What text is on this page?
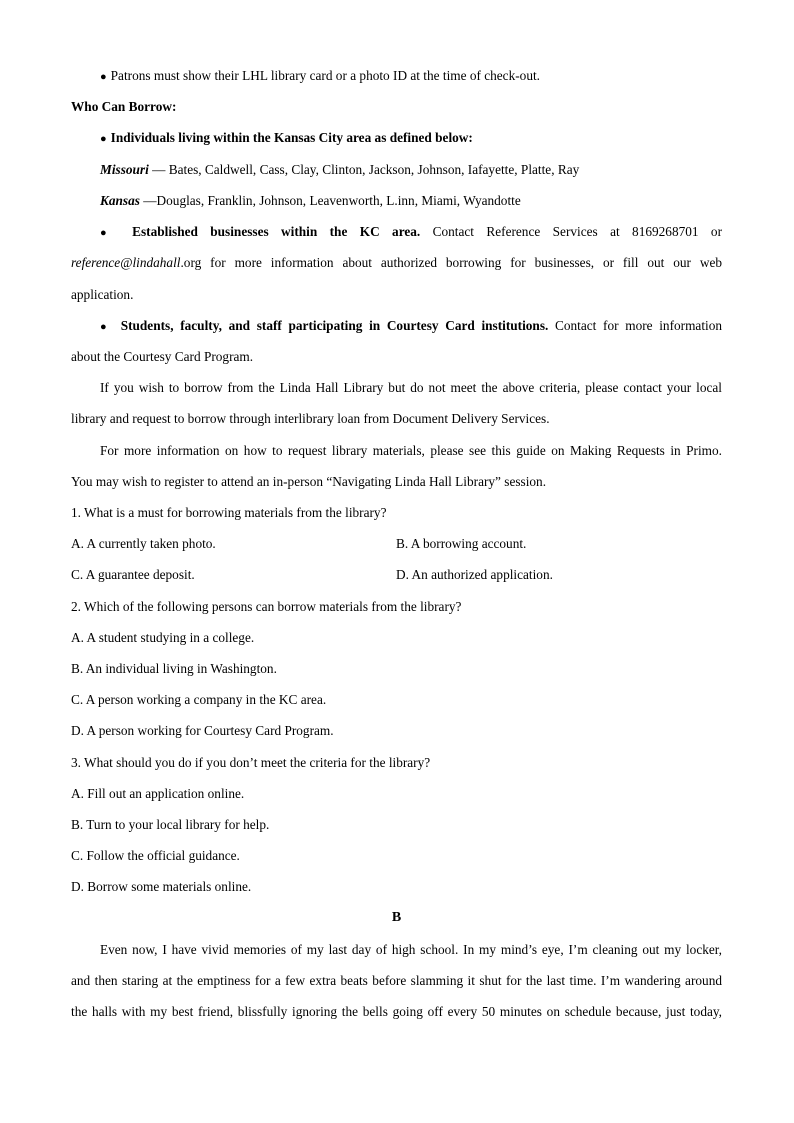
● Patrons must show their LHL library card or a photo ID at the time of check-out.
Who Can Borrow:
● Individuals living within the Kansas City area as defined below:
Missouri — Bates, Caldwell, Cass, Clay, Clinton, Jackson, Johnson, Iafayette, Platte, Ray
Kansas —Douglas, Franklin, Johnson, Leavenworth, L.inn, Miami, Wyandotte
● Established businesses within the KC area. Contact Reference Services at 8169268701 or
reference@lindahall.org for more information about authorized borrowing for businesses, or fill out our web
application.
● Students, faculty, and staff participating in Courtesy Card institutions. Contact for more information
about the Courtesy Card Program.
If you wish to borrow from the Linda Hall Library but do not meet the above criteria, please contact your local
library and request to borrow through interlibrary loan from Document Delivery Services.
For more information on how to request library materials, please see this guide on Making Requests in Primo.
You may wish to register to attend an in-person “Navigating Linda Hall Library” session.
1. What is a must for borrowing materials from the library?
A. A currently taken photo.	B. A borrowing account.
C. A guarantee deposit.	D. An authorized application.
2. Which of the following persons can borrow materials from the library?
A. A student studying in a college.
B. An individual living in Washington.
C. A person working a company in the KC area.
D. A person working for Courtesy Card Program.
3. What should you do if you don’t meet the criteria for the library?
A. Fill out an application online.
B. Turn to your local library for help.
C. Follow the official guidance.
D. Borrow some materials online.
B
Even now, I have vivid memories of my last day of high school. In my mind’s eye, I’m cleaning out my locker,
and then staring at the emptiness for a few extra beats before slamming it shut for the last time. I’m wandering around
the halls with my best friend, blissfully ignoring the bells going off every 50 minutes on schedule because, just today,
